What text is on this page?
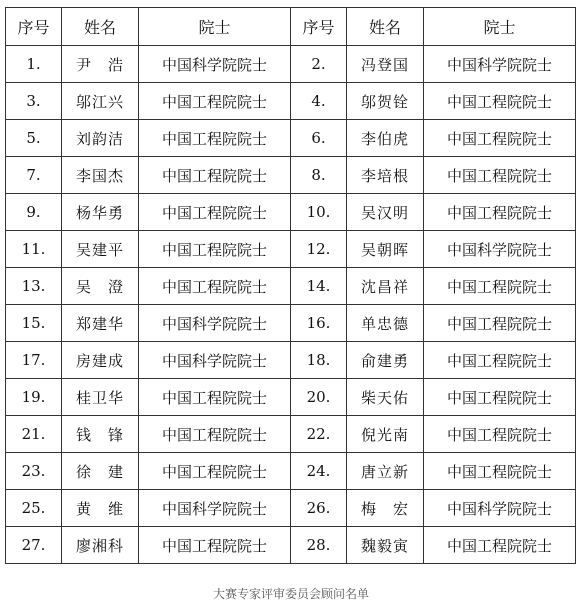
序号	姓名	院士	序号	姓名	院士
1.	尹　浩	中国科学院院士	2.	冯登国	中国科学院院士
3.	邬江兴	中国工程院院士	4.	邬贺铨	中国工程院院士
5.	刘韵洁	中国工程院院士	6.	李伯虎	中国工程院院士
7.	李国杰	中国工程院院士	8.	李培根	中国工程院院士
9.	杨华勇	中国工程院院士	10.	吴汉明	中国工程院院士
11.	吴建平	中国工程院院士	12.	吴朝晖	中国科学院院士
13.	吴　澄	中国工程院院士	14.	沈昌祥	中国工程院院士
15.	郑建华	中国科学院院士	16.	单忠德	中国工程院院士
17.	房建成	中国科学院院士	18.	俞建勇	中国工程院院士
19.	桂卫华	中国工程院院士	20.	柴天佑	中国工程院院士
21.	钱　锋	中国工程院院士	22.	倪光南	中国工程院院士
23.	徐　建	中国工程院院士	24.	唐立新	中国工程院院士
25.	黄　维	中国科学院院士	26.	梅　宏	中国科学院院士
27.	廖湘科	中国工程院院士	28.	魏毅寅	中国工程院院士
大赛专家评审委员会顾问名单
